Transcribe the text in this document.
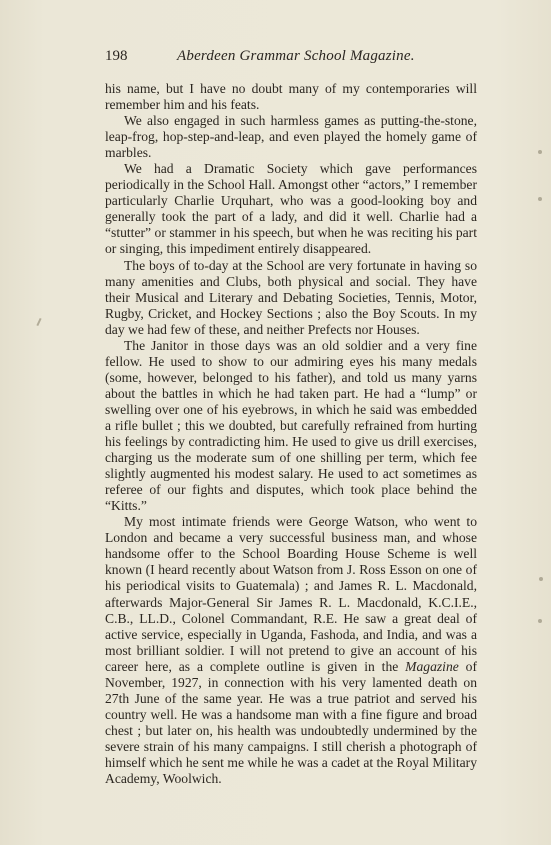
198	Aberdeen Grammar School Magazine.

his name, but I have no doubt many of my contemporaries will remember him and his feats.

We also engaged in such harmless games as putting-the-stone, leap-frog, hop-step-and-leap, and even played the homely game of marbles.

We had a Dramatic Society which gave performances periodically in the School Hall. Amongst other “actors,” I remember particularly Charlie Urquhart, who was a good-looking boy and generally took the part of a lady, and did it well. Charlie had a “stutter” or stammer in his speech, but when he was reciting his part or singing, this impediment entirely disappeared.

The boys of to-day at the School are very fortunate in having so many amenities and Clubs, both physical and social. They have their Musical and Literary and Debating Societies, Tennis, Motor, Rugby, Cricket, and Hockey Sections ; also the Boy Scouts. In my day we had few of these, and neither Prefects nor Houses.

The Janitor in those days was an old soldier and a very fine fellow. He used to show to our admiring eyes his many medals (some, however, belonged to his father), and told us many yarns about the battles in which he had taken part. He had a “lump” or swelling over one of his eyebrows, in which he said was embedded a rifle bullet ; this we doubted, but carefully refrained from hurting his feelings by contradicting him. He used to give us drill exercises, charging us the moderate sum of one shilling per term, which fee slightly augmented his modest salary. He used to act sometimes as referee of our fights and disputes, which took place behind the “Kitts.”

My most intimate friends were George Watson, who went to London and became a very successful business man, and whose handsome offer to the School Boarding House Scheme is well known (I heard recently about Watson from J. Ross Esson on one of his periodical visits to Guatemala) ; and James R. L. Macdonald, afterwards Major-General Sir James R. L. Macdonald, K.C.I.E., C.B., LL.D., Colonel Commandant, R.E. He saw a great deal of active service, especially in Uganda, Fashoda, and India, and was a most brilliant soldier. I will not pretend to give an account of his career here, as a complete outline is given in the Magazine of November, 1927, in connection with his very lamented death on 27th June of the same year. He was a true patriot and served his country well. He was a handsome man with a fine figure and broad chest ; but later on, his health was undoubtedly undermined by the severe strain of his many campaigns. I still cherish a photograph of himself which he sent me while he was a cadet at the Royal Military Academy, Woolwich.
